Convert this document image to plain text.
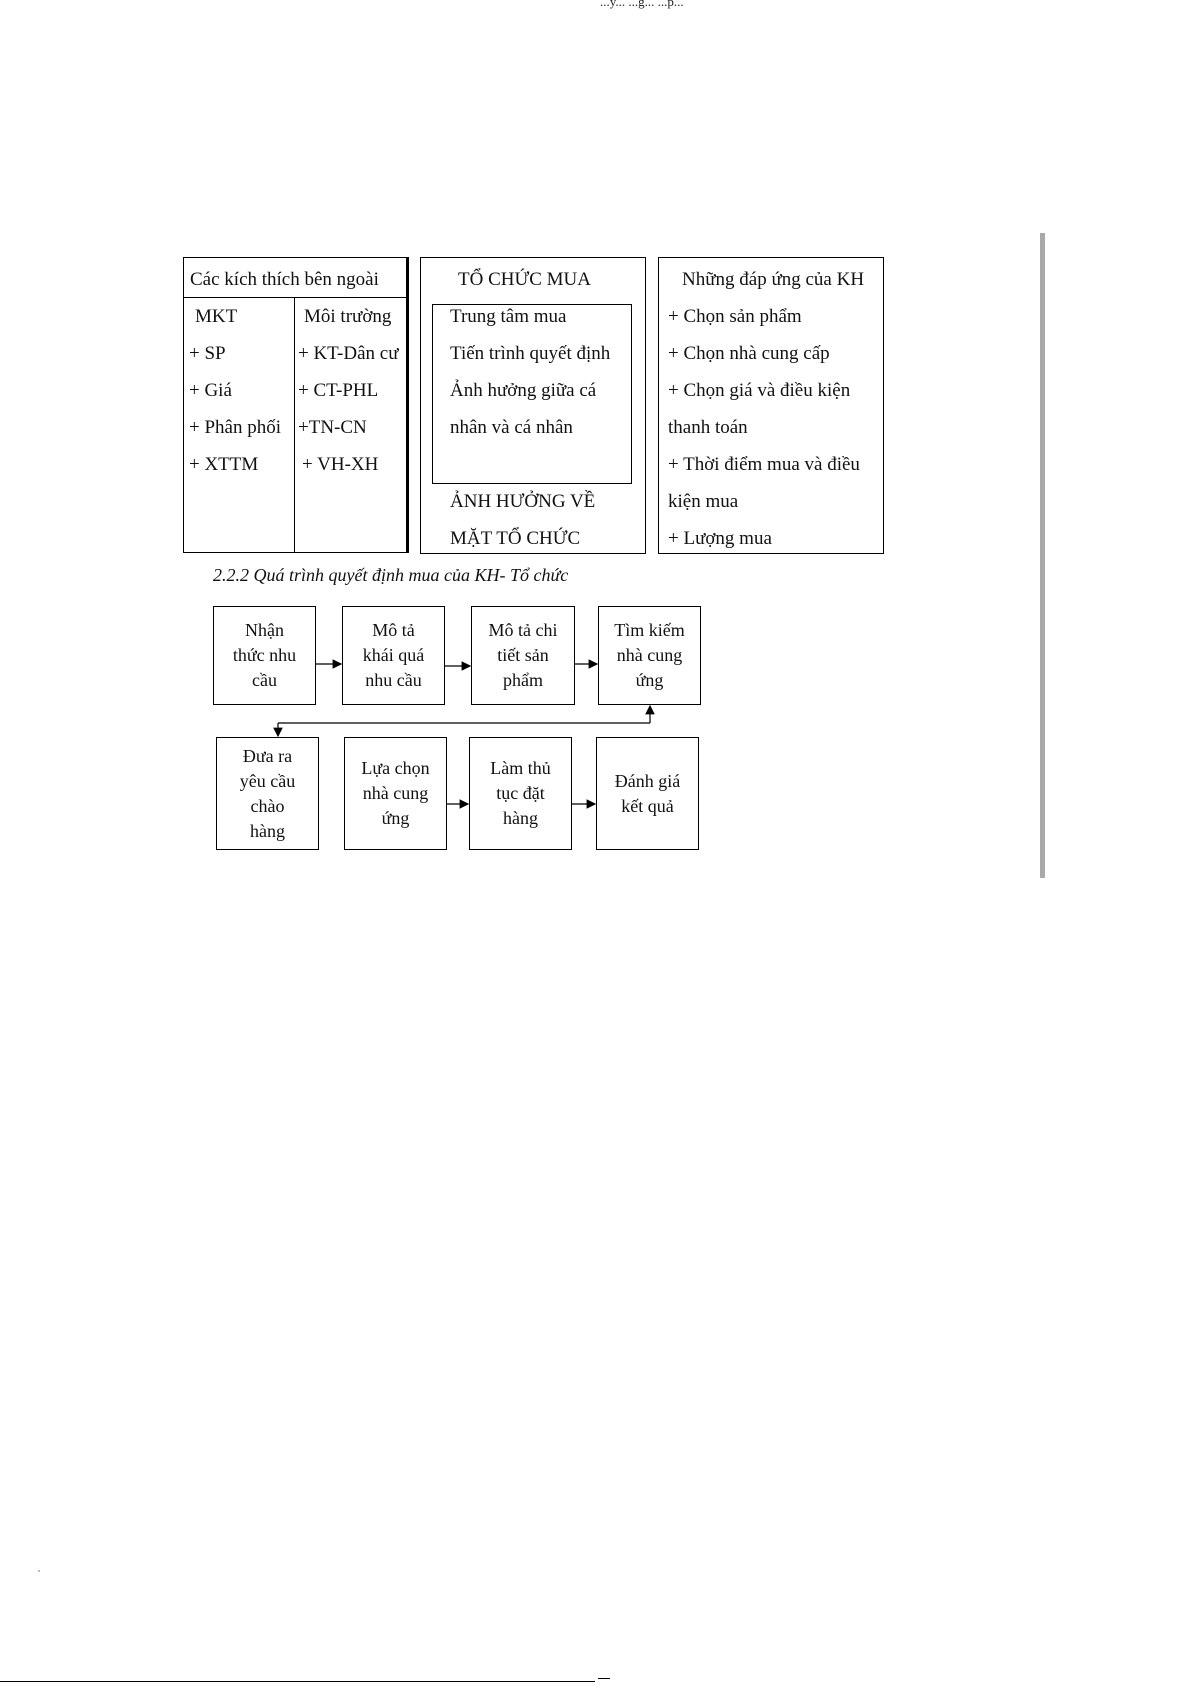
...y... ...g... ...p...
Các kích thích bên ngoài
MKT
+ SP
+ Giá
+ Phân phối
+ XTTM
Môi trường
+ KT-Dân cư
+ CT-PHL
+TN-CN
+ VH-XH
TỔ CHỨC MUA
Trung tâm mua
Tiến trình quyết định
Ảnh hưởng giữa cá
nhân và cá nhân
ẢNH HƯỞNG VỀ
MẶT TỔ CHỨC
Những đáp ứng của KH
+ Chọn sản phẩm
+ Chọn nhà cung cấp
+ Chọn giá và điều kiện
thanh toán
+ Thời điểm mua và điều
kiện mua
+ Lượng mua
2.2.2 Quá trình quyết định mua của KH- Tổ chức
Nhận
thức nhu
cầu
Mô tả
khái quá
nhu cầu
Mô tả chi
tiết sản
phẩm
Tìm kiếm
nhà cung
ứng
Đưa ra
yêu cầu
chào
hàng
Lựa chọn
nhà cung
ứng
Làm thủ
tục đặt
hàng
Đánh giá
kết quả
